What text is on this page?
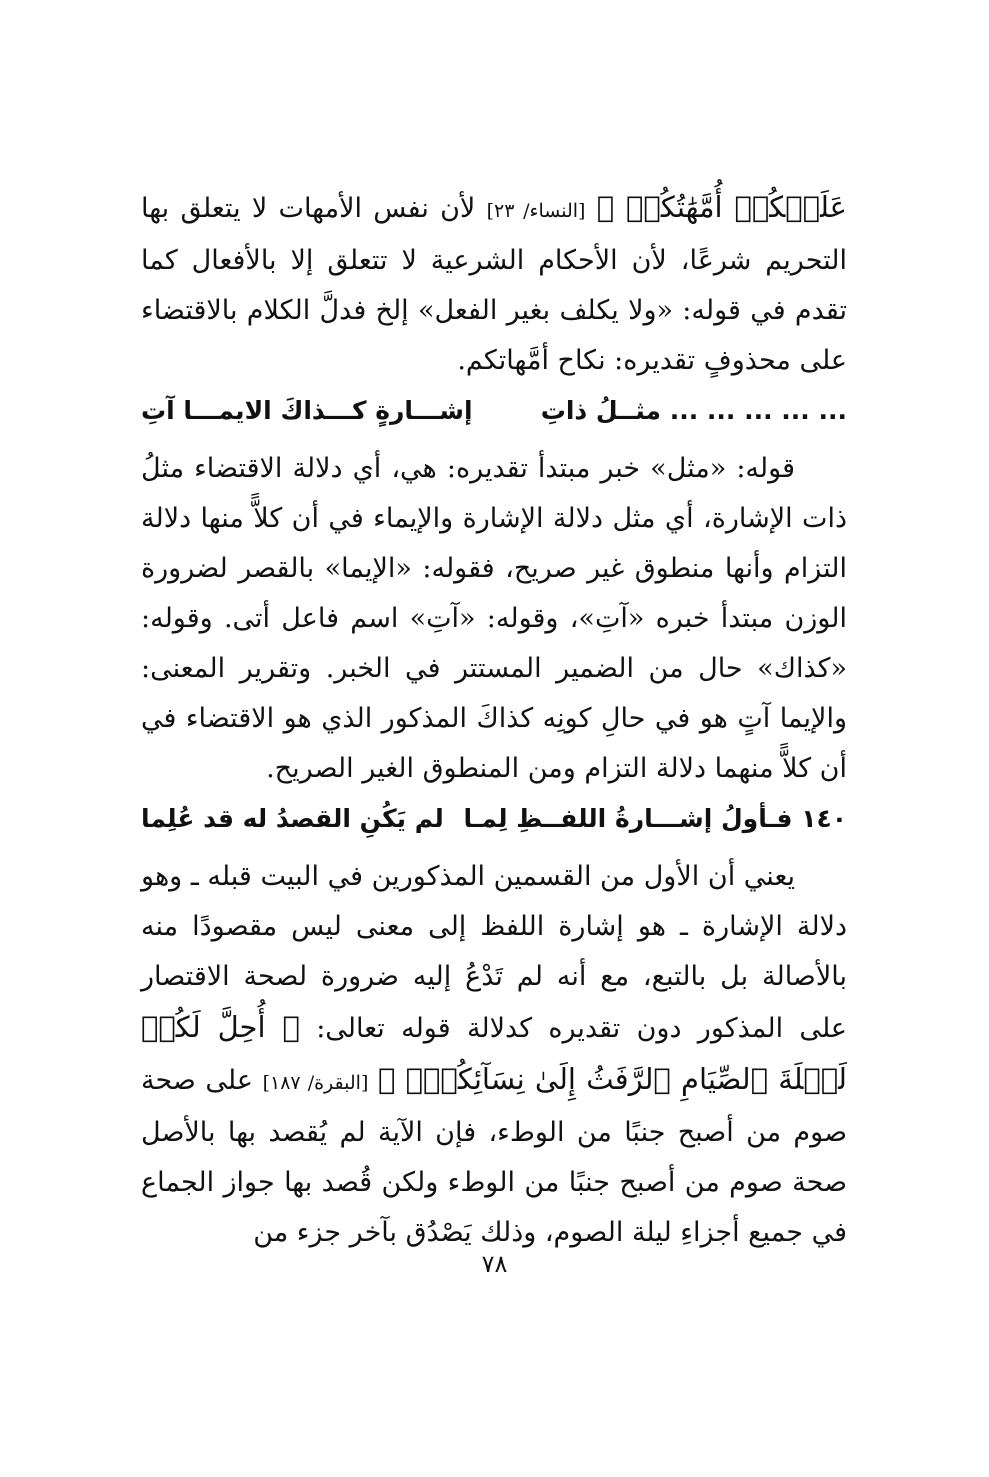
عَلَيۡكُمۡ أُمَّهَٰتُكُمۡ ﴾ [النساء/ ٢٣] لأن نفس الأمهات لا يتعلق بها التحريم شرعًا، لأن الأحكام الشرعية لا تتعلق إلا بالأفعال كما تقدم في قوله: «ولا يكلف بغير الفعل» إلخ فدلَّ الكلام بالاقتضاء على محذوفٍ تقديره: نكاح أمَّهاتكم.

... ... ... ... ... مثــلُ ذاتِ
إشـــارةٍ كـــذاكَ الايمـــا آتِ

قوله: «مثل» خبر مبتدأ تقديره: هي، أي دلالة الاقتضاء مثلُ ذات الإشارة، أي مثل دلالة الإشارة والإيماء في أن كلاًّ منها دلالة التزام وأنها منطوق غير صريح، فقوله: «الإيما» بالقصر لضرورة الوزن مبتدأ خبره «آتِ»، وقوله: «آتِ» اسم فاعل أتى. وقوله: «كذاك» حال من الضمير المستتر في الخبر. وتقرير المعنى: والإيما آتٍ هو في حالِ كونِه كذاكَ المذكور الذي هو الاقتضاء في أن كلاًّ منهما دلالة التزام ومن المنطوق الغير الصريح.

١٤٠ فـأولُ إشـــارةُ اللفــظِ لِمـا
لم يَكُنِ القصدُ له قد عُلِما

يعني أن الأول من القسمين المذكورين في البيت قبله ـ وهو دلالة الإشارة ـ هو إشارة اللفظ إلى معنى ليس مقصودًا منه بالأصالة بل بالتبع، مع أنه لم تَدْعُ إليه ضرورة لصحة الاقتصار على المذكور دون تقديره كدلالة قوله تعالى: ﴿ أُحِلَّ لَكُمۡ لَيۡلَةَ ٱلصِّيَامِ ٱلرَّفَثُ إِلَىٰ نِسَآئِكُمۡۚ ﴾ [البقرة/ ١٨٧] على صحة صوم من أصبح جنبًا من الوطء، فإن الآية لم يُقصد بها بالأصل صحة صوم من أصبح جنبًا من الوطء ولكن قُصد بها جواز الجماع في جميع أجزاءِ ليلة الصوم، وذلك يَصْدُق بآخر جزء من

٧٨
